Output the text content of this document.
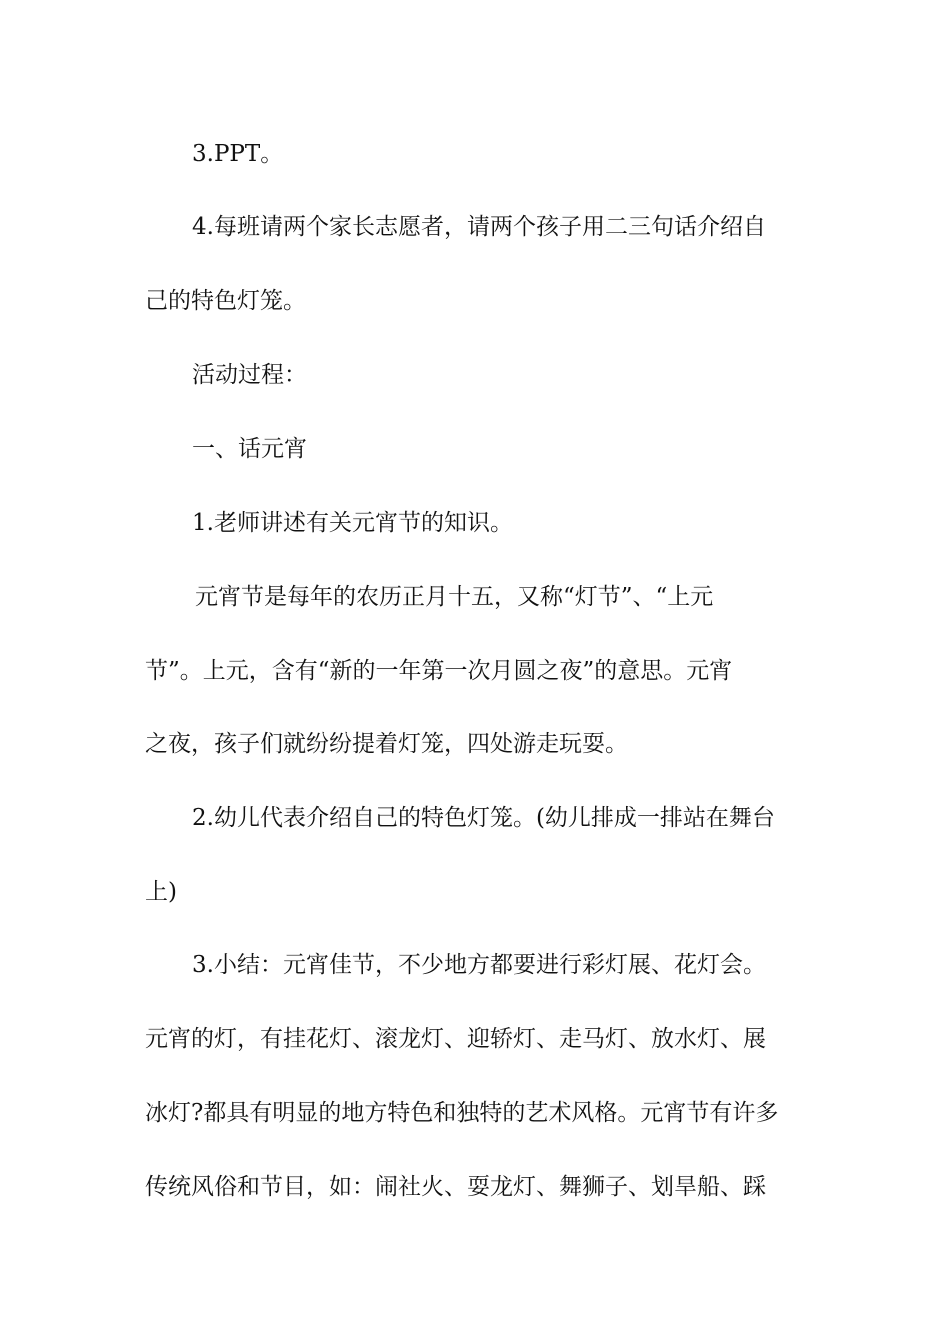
3.PPT。
4.每班请两个家长志愿者，请两个孩子用二三句话介绍自
己的特色灯笼。
活动过程：
一、话元宵
1.老师讲述有关元宵节的知识。
元宵节是每年的农历正月十五，又称“灯节”、“上元
节”。上元，含有“新的一年第一次月圆之夜”的意思。元宵
之夜，孩子们就纷纷提着灯笼，四处游走玩耍。
2.幼儿代表介绍自己的特色灯笼。(幼儿排成一排站在舞台
上)
3.小结：元宵佳节，不少地方都要进行彩灯展、花灯会。
元宵的灯，有挂花灯、滚龙灯、迎轿灯、走马灯、放水灯、展
冰灯?都具有明显的地方特色和独特的艺术风格。元宵节有许多
传统风俗和节目，如：闹社火、耍龙灯、舞狮子、划旱船、踩
